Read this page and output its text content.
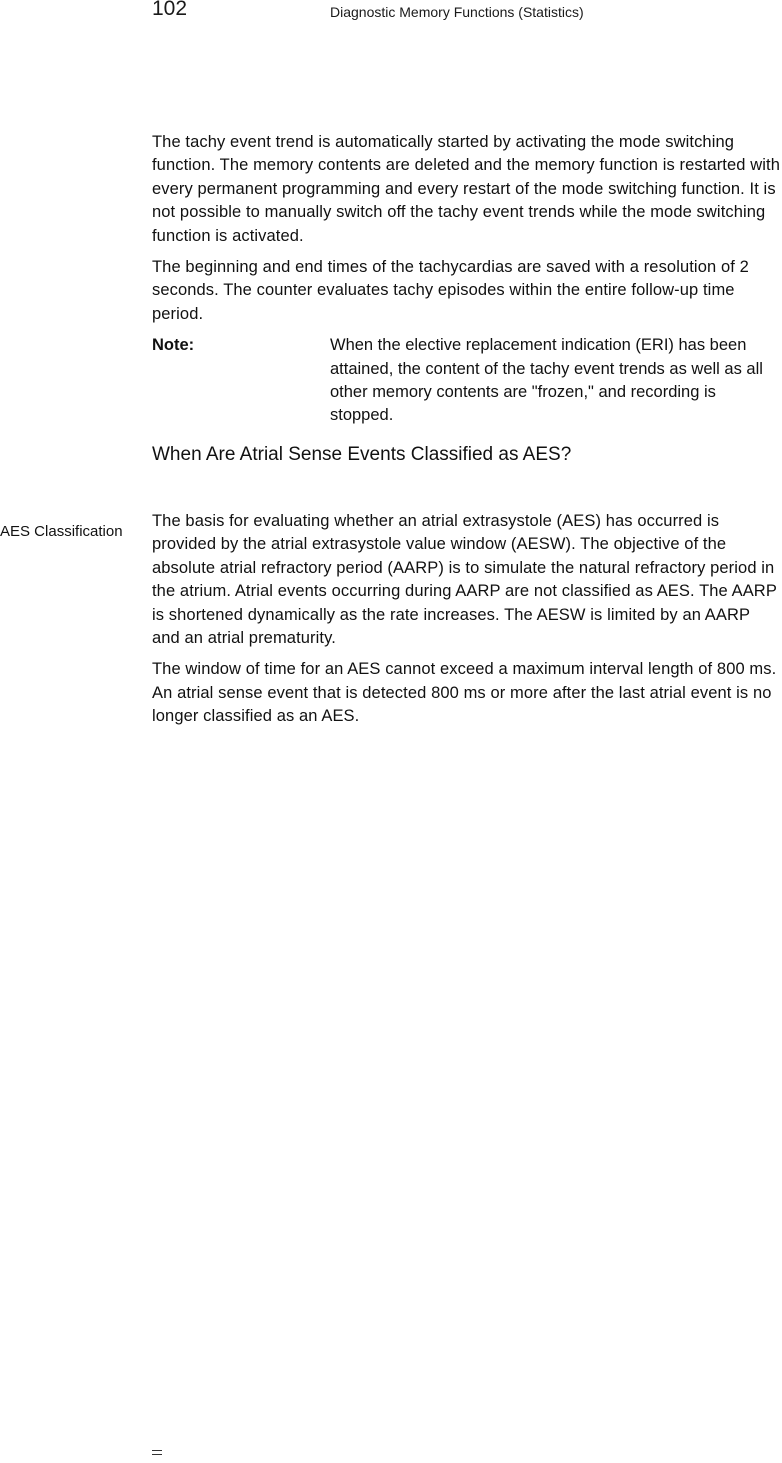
102	Diagnostic Memory Functions (Statistics)
AES Classification

The tachy event trend is automatically started by activating the mode switching function. The memory contents are deleted and the memory function is restarted with every permanent programming and every restart of the mode switching function. It is not possible to manually switch off the tachy event trends while the mode switching function is activated.

The beginning and end times of the tachycardias are saved with a resolution of 2 seconds. The counter evaluates tachy episodes within the entire follow-up time period.

Note:	When the elective replacement indication (ERI) has been attained, the content of the tachy event trends as well as all other memory contents are "frozen," and recording is stopped.

When Are Atrial Sense Events Classified as AES?

The basis for evaluating whether an atrial extrasystole (AES) has occurred is provided by the atrial extrasystole value window (AESW). The objective of the absolute atrial refractory period (AARP) is to simulate the natural refractory period in the atrium. Atrial events occurring during AARP are not classified as AES. The AARP is shortened dynamically as the rate increases. The AESW is limited by an AARP and an atrial prematurity.

The window of time for an AES cannot exceed a maximum interval length of 800 ms. An atrial sense event that is detected 800 ms or more after the last atrial event is no longer classified as an AES.
